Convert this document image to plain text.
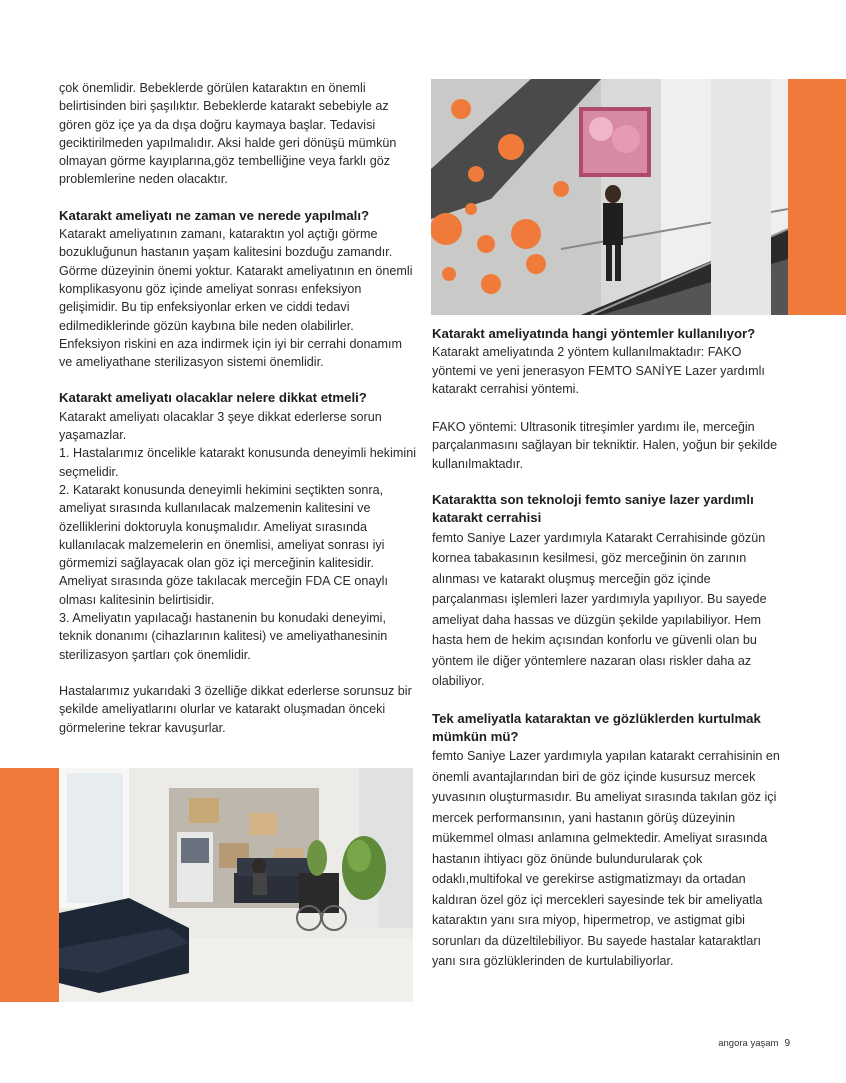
çok önemlidir. Bebeklerde görülen kataraktın en önemli belirtisinden biri şaşılıktır. Bebeklerde katarakt sebebiyle az gören göz içe ya da dışa doğru kaymaya başlar. Tedavisi geciktirilmeden yapılmalıdır. Aksi halde geri dönüşü mümkün olmayan görme kayıplarına,göz tembelliğine veya farklı göz problemlerine neden olacaktır.

Katarakt ameliyatı ne zaman ve nerede yapılmalı?

Katarakt ameliyatının zamanı, kataraktın yol açtığı görme bozukluğunun hastanın yaşam kalitesini bozduğu zamandır. Görme düzeyinin önemi yoktur. Katarakt ameliyatının en önemli komplikasyonu göz içinde ameliyat sonrası enfeksiyon gelişimidir. Bu tip enfeksiyonlar erken ve ciddi tedavi edilmediklerinde gözün kaybına bile neden olabilirler. Enfeksiyon riskini en aza indirmek için iyi bir cerrahi donamım ve ameliyathane sterilizasyon sistemi önemlidir.

Katarakt ameliyatı olacaklar nelere dikkat etmeli?

Katarakt ameliyatı olacaklar 3 şeye dikkat ederlerse sorun yaşamazlar.

1. Hastalarımız öncelikle katarakt konusunda deneyimli hekimini seçmelidir.
2. Katarakt konusunda deneyimli hekimini seçtikten sonra, ameliyat sırasında kullanılacak malzemenin kalitesini ve özelliklerini doktoruyla konuşmalıdır. Ameliyat sırasında kullanılacak malzemelerin en önemlisi, ameliyat sonrası iyi görmemizi sağlayacak olan göz içi merceğinin kalitesidir. Ameliyat sırasında göze takılacak merceğin FDA CE onaylı olması kalitesinin belirtisidir.
3. Ameliyatın yapılacağı hastanenin bu konudaki deneyimi, teknik donanımı (cihazlarının kalitesi) ve ameliyathanesinin sterilizasyon şartları çok önemlidir.

Hastalarımız yukarıdaki 3 özelliğe dikkat ederlerse sorunsuz bir şekilde ameliyatlarını olurlar ve katarakt oluşmadan önceki görmelerine tekrar kavuşurlar.

Katarakt ameliyatında hangi yöntemler kullanılıyor?

Katarakt ameliyatında 2 yöntem kullanılmaktadır: FAKO yöntemi ve yeni jenerasyon FEMTO SANİYE Lazer yardımlı katarakt cerrahisi yöntemi.

FAKO yöntemi: Ultrasonik titreşimler yardımı ile, merceğin parçalanmasını sağlayan bir tekniktir. Halen, yoğun bir şekilde kullanılmaktadır.

Kataraktta son teknoloji femto saniye lazer yardımlı katarakt cerrahisi

femto Saniye Lazer yardımıyla Katarakt Cerrahisinde gözün kornea tabakasının kesilmesi, göz merceğinin ön zarının alınması ve katarakt oluşmuş merceğin göz içinde parçalanması işlemleri lazer yardımıyla yapılıyor. Bu sayede ameliyat daha hassas ve düzgün şekilde yapılabiliyor. Hem hasta hem de hekim açısından konforlu ve güvenli olan bu yöntem ile diğer yöntemlere nazaran olası riskler daha az olabiliyor.

Tek ameliyatla kataraktan ve gözlüklerden kurtulmak mümkün mü?

femto Saniye Lazer yardımıyla yapılan katarakt cerrahisinin en önemli avantajlarından biri de göz içinde kusursuz mercek yuvasının oluşturmasıdır. Bu ameliyat sırasında takılan göz içi mercek performansının, yani hastanın görüş düzeyinin mükemmel olması anlamına gelmektedir. Ameliyat sırasında hastanın ihtiyacı göz önünde bulundurularak çok odaklı,multifokal ve gerekirse astigmatizmayı da ortadan kaldıran özel göz içi mercekleri sayesinde tek bir ameliyatla kataraktın yanı sıra miyop, hipermetrop, ve astigmat gibi sorunları da düzeltilebiliyor. Bu sayede hastalar kataraktları yanı sıra gözlüklerinden de kurtulabiliyorlar.

angora yaşam 9
